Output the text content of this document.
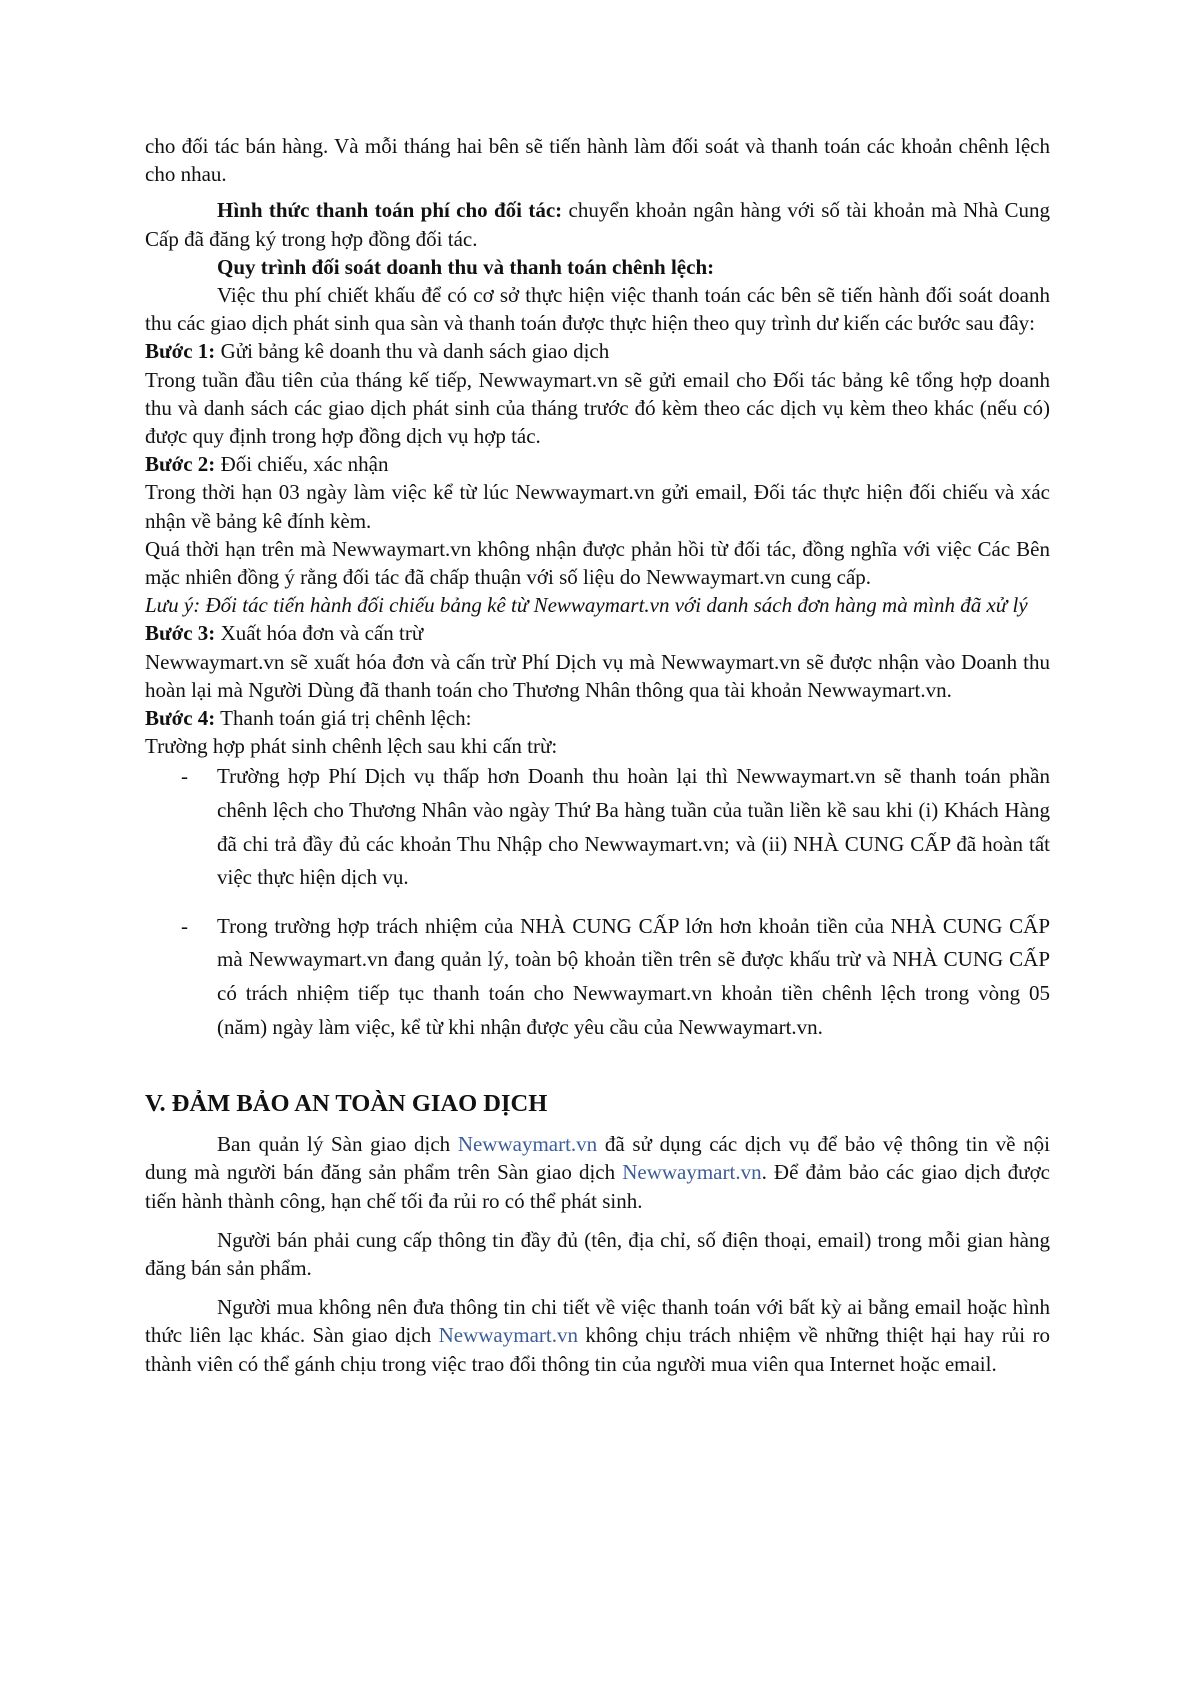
cho đối tác bán hàng. Và mỗi tháng hai bên sẽ tiến hành làm đối soát và thanh toán các khoản chênh lệch cho nhau.

Hình thức thanh toán phí cho đối tác: chuyển khoản ngân hàng với số tài khoản mà Nhà Cung Cấp đã đăng ký trong hợp đồng đối tác.

Quy trình đối soát doanh thu và thanh toán chênh lệch:

Việc thu phí chiết khấu để có cơ sở thực hiện việc thanh toán các bên sẽ tiến hành đối soát doanh thu các giao dịch phát sinh qua sàn và thanh toán được thực hiện theo quy trình dư kiến các bước sau đây:

Bước 1: Gửi bảng kê doanh thu và danh sách giao dịch

Trong tuần đầu tiên của tháng kế tiếp, Newwaymart.vn sẽ gửi email cho Đối tác bảng kê tổng hợp doanh thu và danh sách các giao dịch phát sinh của tháng trước đó kèm theo các dịch vụ kèm theo khác (nếu có) được quy định trong hợp đồng dịch vụ hợp tác.

Bước 2: Đối chiếu, xác nhận

Trong thời hạn 03 ngày làm việc kể từ lúc Newwaymart.vn gửi email, Đối tác thực hiện đối chiếu và xác nhận về bảng kê đính kèm.

Quá thời hạn trên mà Newwaymart.vn không nhận được phản hồi từ đối tác, đồng nghĩa với việc Các Bên mặc nhiên đồng ý rằng đối tác đã chấp thuận với số liệu do Newwaymart.vn cung cấp.

Lưu ý: Đối tác tiến hành đối chiếu bảng kê từ Newwaymart.vn với danh sách đơn hàng mà mình đã xử lý

Bước 3: Xuất hóa đơn và cấn trừ

Newwaymart.vn sẽ xuất hóa đơn và cấn trừ Phí Dịch vụ mà Newwaymart.vn sẽ được nhận vào Doanh thu hoàn lại mà Người Dùng đã thanh toán cho Thương Nhân thông qua tài khoản Newwaymart.vn.

Bước 4: Thanh toán giá trị chênh lệch:

Trường hợp phát sinh chênh lệch sau khi cấn trừ:

- Trường hợp Phí Dịch vụ thấp hơn Doanh thu hoàn lại thì Newwaymart.vn sẽ thanh toán phần chênh lệch cho Thương Nhân vào ngày Thứ Ba hàng tuần của tuần liền kề sau khi (i) Khách Hàng đã chi trả đầy đủ các khoản Thu Nhập cho Newwaymart.vn; và (ii) NHÀ CUNG CẤP đã hoàn tất việc thực hiện dịch vụ.

- Trong trường hợp trách nhiệm của NHÀ CUNG CẤP lớn hơn khoản tiền của NHÀ CUNG CẤP mà Newwaymart.vn đang quản lý, toàn bộ khoản tiền trên sẽ được khấu trừ và NHÀ CUNG CẤP có trách nhiệm tiếp tục thanh toán cho Newwaymart.vn khoản tiền chênh lệch trong vòng 05 (năm) ngày làm việc, kể từ khi nhận được yêu cầu của Newwaymart.vn.

V. ĐẢM BẢO AN TOÀN GIAO DỊCH

Ban quản lý Sàn giao dịch Newwaymart.vn đã sử dụng các dịch vụ để bảo vệ thông tin về nội dung mà người bán đăng sản phẩm trên Sàn giao dịch Newwaymart.vn. Để đảm bảo các giao dịch được tiến hành thành công, hạn chế tối đa rủi ro có thể phát sinh.

Người bán phải cung cấp thông tin đầy đủ (tên, địa chỉ, số điện thoại, email) trong mỗi gian hàng đăng bán sản phẩm.

Người mua không nên đưa thông tin chi tiết về việc thanh toán với bất kỳ ai bằng email hoặc hình thức liên lạc khác. Sàn giao dịch Newwaymart.vn không chịu trách nhiệm về những thiệt hại hay rủi ro thành viên có thể gánh chịu trong việc trao đổi thông tin của người mua viên qua Internet hoặc email.
